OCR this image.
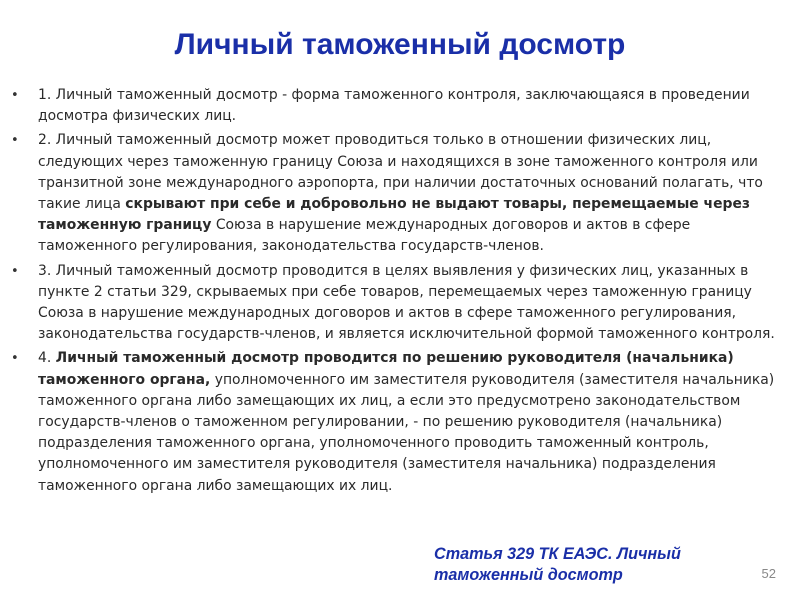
Личный таможенный досмотр
• 1. Личный таможенный досмотр - форма таможенного контроля, заключающаяся в проведении досмотра физических лиц.
• 2. Личный таможенный досмотр может проводиться только в отношении физических лиц, следующих через таможенную границу Союза и находящихся в зоне таможенного контроля или транзитной зоне международного аэропорта, при наличии достаточных оснований полагать, что такие лица скрывают при себе и добровольно не выдают товары, перемещаемые через таможенную границу Союза в нарушение международных договоров и актов в сфере таможенного регулирования, законодательства государств-членов.
• 3. Личный таможенный досмотр проводится в целях выявления у физических лиц, указанных в пункте 2 статьи 329, скрываемых при себе товаров, перемещаемых через таможенную границу Союза в нарушение международных договоров и актов в сфере таможенного регулирования, законодательства государств-членов, и является исключительной формой таможенного контроля.
• 4. Личный таможенный досмотр проводится по решению руководителя (начальника) таможенного органа, уполномоченного им заместителя руководителя (заместителя начальника) таможенного органа либо замещающих их лиц, а если это предусмотрено законодательством государств-членов о таможенном регулировании, - по решению руководителя (начальника) подразделения таможенного органа, уполномоченного проводить таможенный контроль, уполномоченного им заместителя руководителя (заместителя начальника) подразделения таможенного органа либо замещающих их лиц.
Статья 329 ТК ЕАЭС. Личный таможенный досмотр	52
